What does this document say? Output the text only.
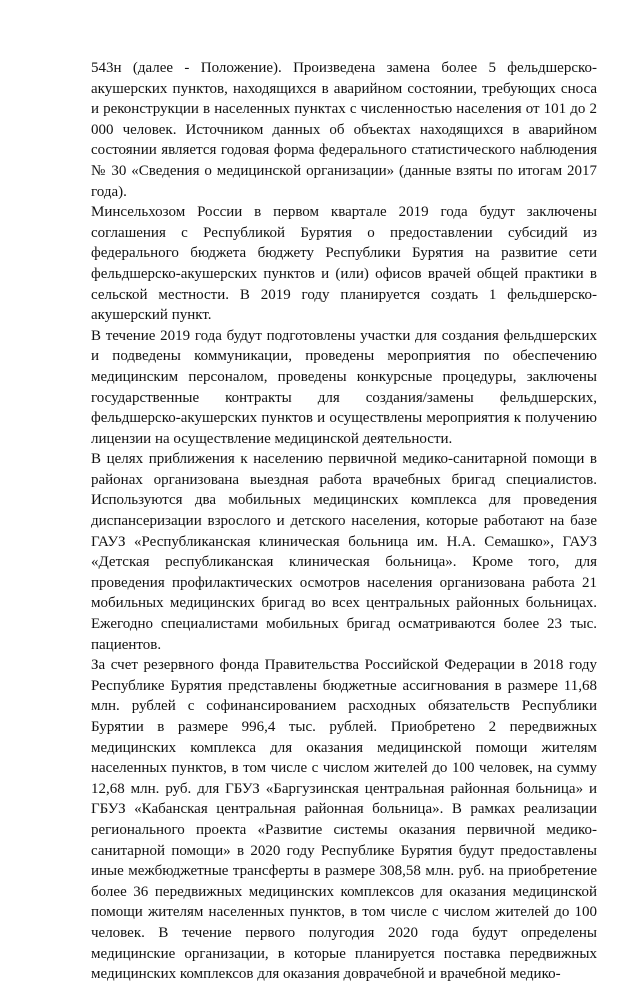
543н (далее - Положение). Произведена замена более 5 фельдшерско-акушерских пунктов, находящихся в аварийном состоянии, требующих сноса и реконструкции в населенных пунктах с численностью населения от 101 до 2 000 человек. Источником данных об объектах находящихся в аварийном состоянии является годовая форма федерального статистического наблюдения № 30 «Сведения о медицинской организации» (данные взяты по итогам 2017 года).

Минсельхозом России в первом квартале 2019 года будут заключены соглашения с Республикой Бурятия о предоставлении субсидий из федерального бюджета бюджету Республики Бурятия на развитие сети фельдшерско-акушерских пунктов и (или) офисов врачей общей практики в сельской местности. В 2019 году планируется создать 1 фельдшерско-акушерский пункт.

В течение 2019 года будут подготовлены участки для создания фельдшерских и подведены коммуникации, проведены мероприятия по обеспечению медицинским персоналом, проведены конкурсные процедуры, заключены государственные контракты для создания/замены фельдшерских, фельдшерско-акушерских пунктов и осуществлены мероприятия к получению лицензии на осуществление медицинской деятельности.

В целях приближения к населению первичной медико-санитарной помощи в районах организована выездная работа врачебных бригад специалистов. Используются два мобильных медицинских комплекса для проведения диспансеризации взрослого и детского населения, которые работают на базе ГАУЗ «Республиканская клиническая больница им. Н.А. Семашко», ГАУЗ «Детская республиканская клиническая больница». Кроме того, для проведения профилактических осмотров населения организована работа 21 мобильных медицинских бригад во всех центральных районных больницах. Ежегодно специалистами мобильных бригад осматриваются более 23 тыс. пациентов.

За счет резервного фонда Правительства Российской Федерации в 2018 году Республике Бурятия представлены бюджетные ассигнования в размере 11,68 млн. рублей с софинансированием расходных обязательств Республики Бурятии в размере 996,4 тыс. рублей. Приобретено 2 передвижных медицинских комплекса для оказания медицинской помощи жителям населенных пунктов, в том числе с числом жителей до 100 человек, на сумму 12,68 млн. руб. для ГБУЗ «Баргузинская центральная районная больница» и ГБУЗ «Кабанская центральная районная больница». В рамках реализации регионального проекта «Развитие системы оказания первичной медико-санитарной помощи» в 2020 году Республике Бурятия будут предоставлены иные межбюджетные трансферты в размере 308,58 млн. руб. на приобретение более 36 передвижных медицинских комплексов для оказания медицинской помощи жителям населенных пунктов, в том числе с числом жителей до 100 человек. В течение первого полугодия 2020 года будут определены медицинские организации, в которые планируется поставка передвижных медицинских комплексов для оказания доврачебной и врачебной медико-
